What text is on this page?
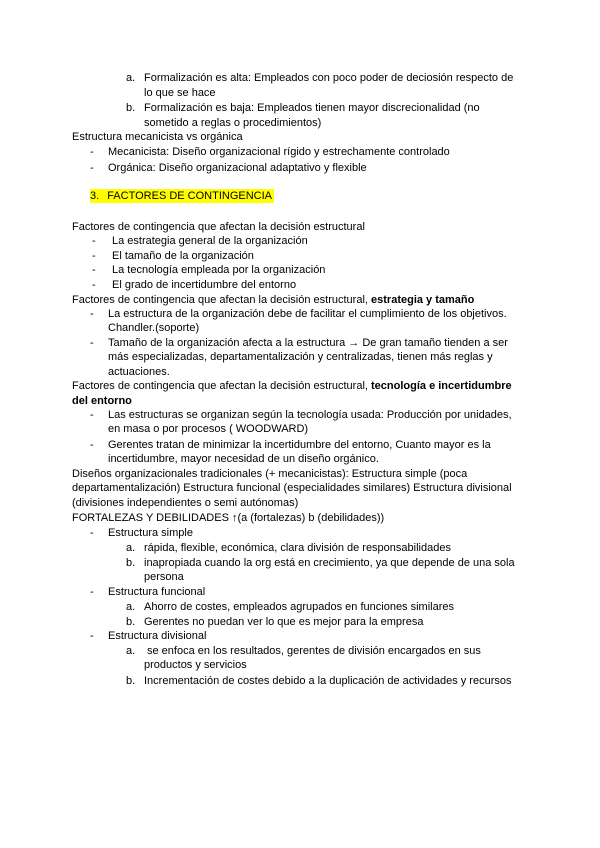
a. Formalización es alta: Empleados con poco poder de deciosión respecto de
lo que se hace
b. Formalización es baja: Empleados tienen mayor discrecionalidad (no
sometido a reglas o procedimientos)
Estructura mecanicista vs orgánica
- Mecanicista: Diseño organizacional rígido y estrechamente controlado
- Orgánica: Diseño organizacional adaptativo y flexible
3. FACTORES DE CONTINGENCIA
Factores de contingencia que afectan la decisión estructural
- La estrategia general de la organización
- El tamaño de la organización
- La tecnología empleada por la organización
- El grado de incertidumbre del entorno
Factores de contingencia que afectan la decisión estructural, estrategia y tamaño
- La estructura de la organización debe de facilitar el cumplimiento de los objetivos.
Chandler.(soporte)
- Tamaño de la organización afecta a la estructura → De gran tamaño tienden a ser
más especializadas, departamentalización y centralizadas, tienen más reglas y
actuaciones.
Factores de contingencia que afectan la decisión estructural, tecnología e incertidumbre
del entorno
- Las estructuras se organizan según la tecnología usada: Producción por unidades,
en masa o por procesos ( WOODWARD)
- Gerentes tratan de minimizar la incertidumbre del entorno, Cuanto mayor es la
incertidumbre, mayor necesidad de un diseño orgánico.
Diseños organizacionales tradicionales (+ mecanicistas): Estructura simple (poca
departamentalización) Estructura funcional (especialidades similares) Estructura divisional
(divisiones independientes o semi autónomas)
FORTALEZAS Y DEBILIDADES ↑(a (fortalezas) b (debilidades))
- Estructura simple
a. rápida, flexible, económica, clara división de responsabilidades
b. inapropiada cuando la org está en crecimiento, ya que depende de una sola
persona
- Estructura funcional
a. Ahorro de costes, empleados agrupados en funciones similares
b. Gerentes no puedan ver lo que es mejor para la empresa
- Estructura divisional
a. se enfoca en los resultados, gerentes de división encargados en sus
productos y servicios
b. Incrementación de costes debido a la duplicación de actividades y recursos
